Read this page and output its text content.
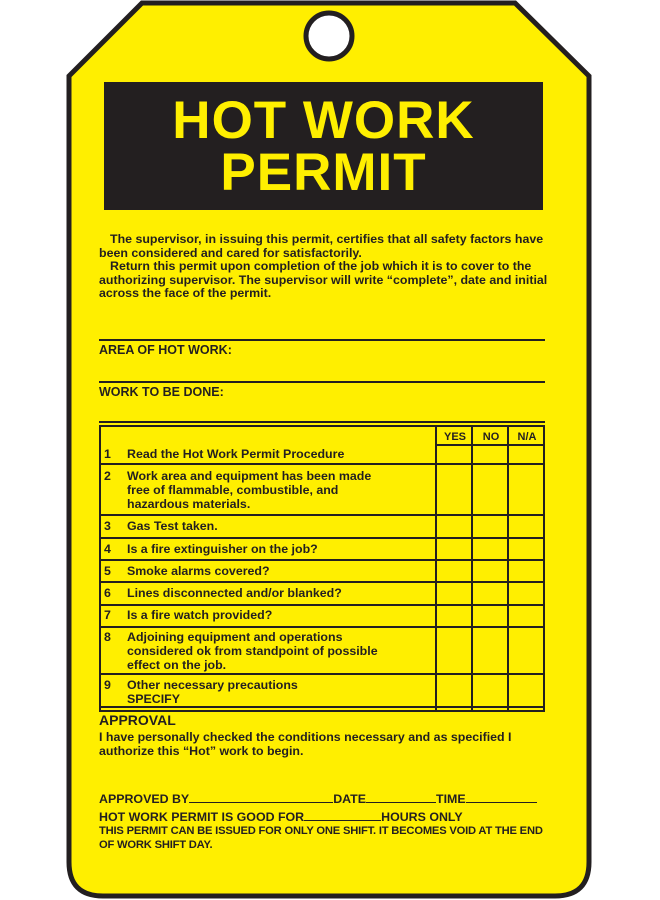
HOT WORK
PERMIT

The supervisor, in issuing this permit, certifies that all safety factors have been considered and cared for satisfactorily.

Return this permit upon completion of the job which it is to cover to the authorizing supervisor. The supervisor will write “complete”, date and initial across the face of the permit.

AREA OF HOT WORK:
WORK TO BE DONE:
YES	NO	N/A
1 Read the Hot Work Permit Procedure
2 Work area and equipment has been made free of flammable, combustible, and hazardous materials.
3 Gas Test taken.
4 Is a fire extinguisher on the job?
5 Smoke alarms covered?
6 Lines disconnected and/or blanked?
7 Is a fire watch provided?
8 Adjoining equipment and operations considered ok from standpoint of possible effect on the job.
9 Other necessary precautions SPECIFY
APPROVAL
I have personally checked the conditions necessary and as specified I authorize this “Hot” work to begin.
APPROVED BY	DATE	TIME
HOT WORK PERMIT IS GOOD FOR	HOURS ONLY
THIS PERMIT CAN BE ISSUED FOR ONLY ONE SHIFT. IT BECOMES VOID AT THE END OF WORK SHIFT DAY.
